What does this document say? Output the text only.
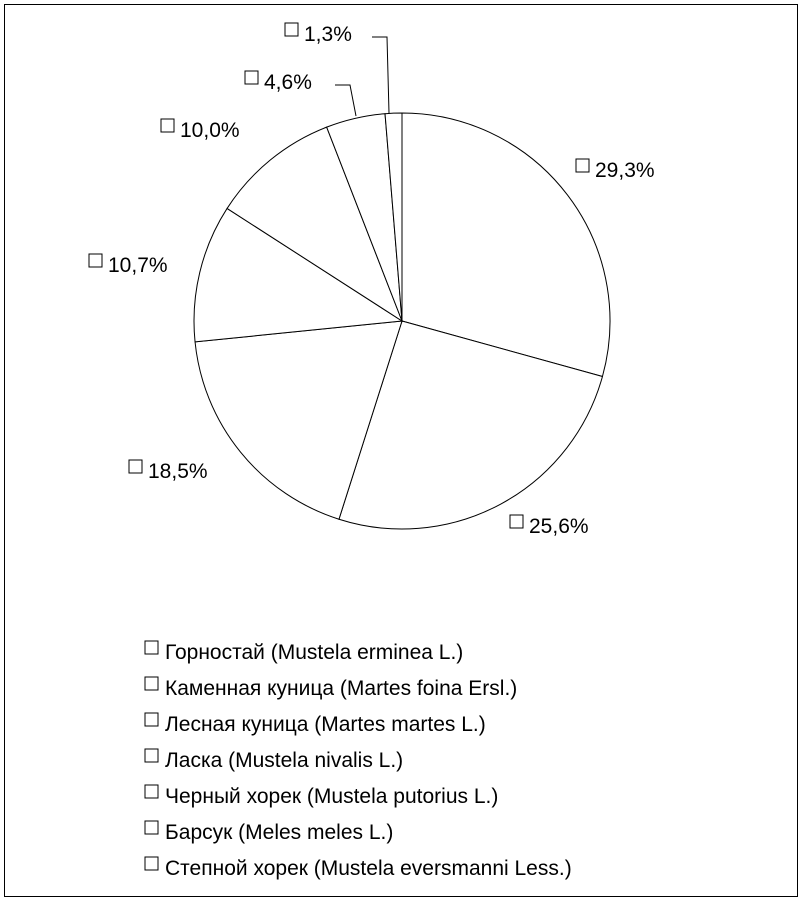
29,3%
25,6%
18,5%
10,7%
10,0%
4,6%
1,3%
Горностай (Mustela erminea L.)
Каменная куница (Martes foina Ersl.)
Лесная куница (Martes martes L.)
Ласка (Mustela nivalis L.)
Черный хорек (Mustela putorius L.)
Барсук (Meles meles L.)
Степной хорек (Mustela eversmanni Less.)
